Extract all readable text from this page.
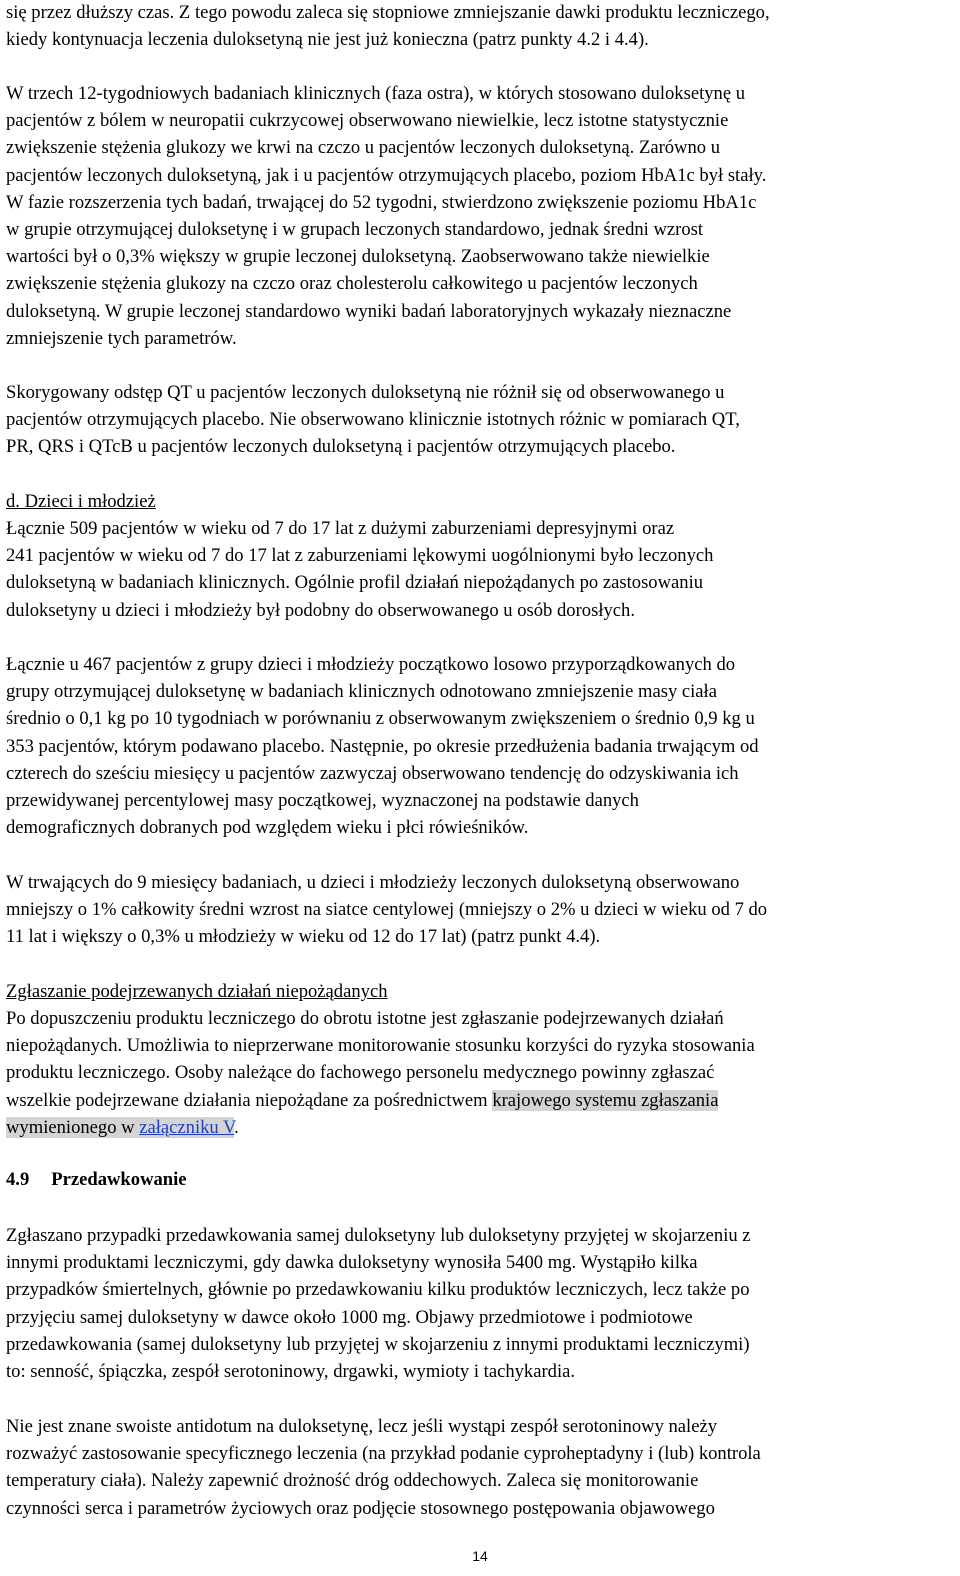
się przez dłuższy czas. Z tego powodu zaleca się stopniowe zmniejszanie dawki produktu leczniczego,
kiedy kontynuacja leczenia duloksetyną nie jest już konieczna (patrz punkty 4.2 i 4.4).

W trzech 12-tygodniowych badaniach klinicznych (faza ostra), w których stosowano duloksetynę u
pacjentów z bólem w neuropatii cukrzycowej obserwowano niewielkie, lecz istotne statystycznie
zwiększenie stężenia glukozy we krwi na czczo u pacjentów leczonych duloksetyną. Zarówno u
pacjentów leczonych duloksetyną, jak i u pacjentów otrzymujących placebo, poziom HbA1c był stały.
W fazie rozszerzenia tych badań, trwającej do 52 tygodni, stwierdzono zwiększenie poziomu HbA1c
w grupie otrzymującej duloksetynę i w grupach leczonych standardowo, jednak średni wzrost
wartości był o 0,3% większy w grupie leczonej duloksetyną. Zaobserwowano także niewielkie
zwiększenie stężenia glukozy na czczo oraz cholesterolu całkowitego u pacjentów leczonych
duloksetyną. W grupie leczonej standardowo wyniki badań laboratoryjnych wykazały nieznaczne
zmniejszenie tych parametrów.

Skorygowany odstęp QT u pacjentów leczonych duloksetyną nie różnił się od obserwowanego u
pacjentów otrzymujących placebo. Nie obserwowano klinicznie istotnych różnic w pomiarach QT,
PR, QRS i QTcB u pacjentów leczonych duloksetyną i pacjentów otrzymujących placebo.

d. Dzieci i młodzież

Łącznie 509 pacjentów w wieku od 7 do 17 lat z dużymi zaburzeniami depresyjnymi oraz
241 pacjentów w wieku od 7 do 17 lat z zaburzeniami lękowymi uogólnionymi było leczonych
duloksetyną w badaniach klinicznych. Ogólnie profil działań niepożądanych po zastosowaniu
duloksetyny u dzieci i młodzieży był podobny do obserwowanego u osób dorosłych.

Łącznie u 467 pacjentów z grupy dzieci i młodzieży początkowo losowo przyporządkowanych do
grupy otrzymującej duloksetynę w badaniach klinicznych odnotowano zmniejszenie masy ciała
średnio o 0,1 kg po 10 tygodniach w porównaniu z obserwowanym zwiększeniem o średnio 0,9 kg u
353 pacjentów, którym podawano placebo. Następnie, po okresie przedłużenia badania trwającym od
czterech do sześciu miesięcy u pacjentów zazwyczaj obserwowano tendencję do odzyskiwania ich
przewidywanej percentylowej masy początkowej, wyznaczonej na podstawie danych
demograficznych dobranych pod względem wieku i płci rówieśników.

W trwających do 9 miesięcy badaniach, u dzieci i młodzieży leczonych duloksetyną obserwowano
mniejszy o 1% całkowity średni wzrost na siatce centylowej (mniejszy o 2% u dzieci w wieku od 7 do
11 lat i większy o 0,3% u młodzieży w wieku od 12 do 17 lat) (patrz punkt 4.4).

Zgłaszanie podejrzewanych działań niepożądanych

Po dopuszczeniu produktu leczniczego do obrotu istotne jest zgłaszanie podejrzewanych działań
niepożądanych. Umożliwia to nieprzerwane monitorowanie stosunku korzyści do ryzyka stosowania
produktu leczniczego. Osoby należące do fachowego personelu medycznego powinny zgłaszać
wszelkie podejrzewane działania niepożądane za pośrednictwem krajowego systemu zgłaszania
wymienionego w załączniku V.

4.9 Przedawkowanie

Zgłaszano przypadki przedawkowania samej duloksetyny lub duloksetyny przyjętej w skojarzeniu z
innymi produktami leczniczymi, gdy dawka duloksetyny wynosiła 5400 mg. Wystąpiło kilka
przypadków śmiertelnych, głównie po przedawkowaniu kilku produktów leczniczych, lecz także po
przyjęciu samej duloksetyny w dawce około 1000 mg. Objawy przedmiotowe i podmiotowe
przedawkowania (samej duloksetyny lub przyjętej w skojarzeniu z innymi produktami leczniczymi)
to: senność, śpiączka, zespół serotoninowy, drgawki, wymioty i tachykardia.

Nie jest znane swoiste antidotum na duloksetynę, lecz jeśli wystąpi zespół serotoninowy należy
rozważyć zastosowanie specyficznego leczenia (na przykład podanie cyproheptadyny i (lub) kontrola
temperatury ciała). Należy zapewnić drożność dróg oddechowych. Zaleca się monitorowanie
czynności serca i parametrów życiowych oraz podjęcie stosownego postępowania objawowego

14
